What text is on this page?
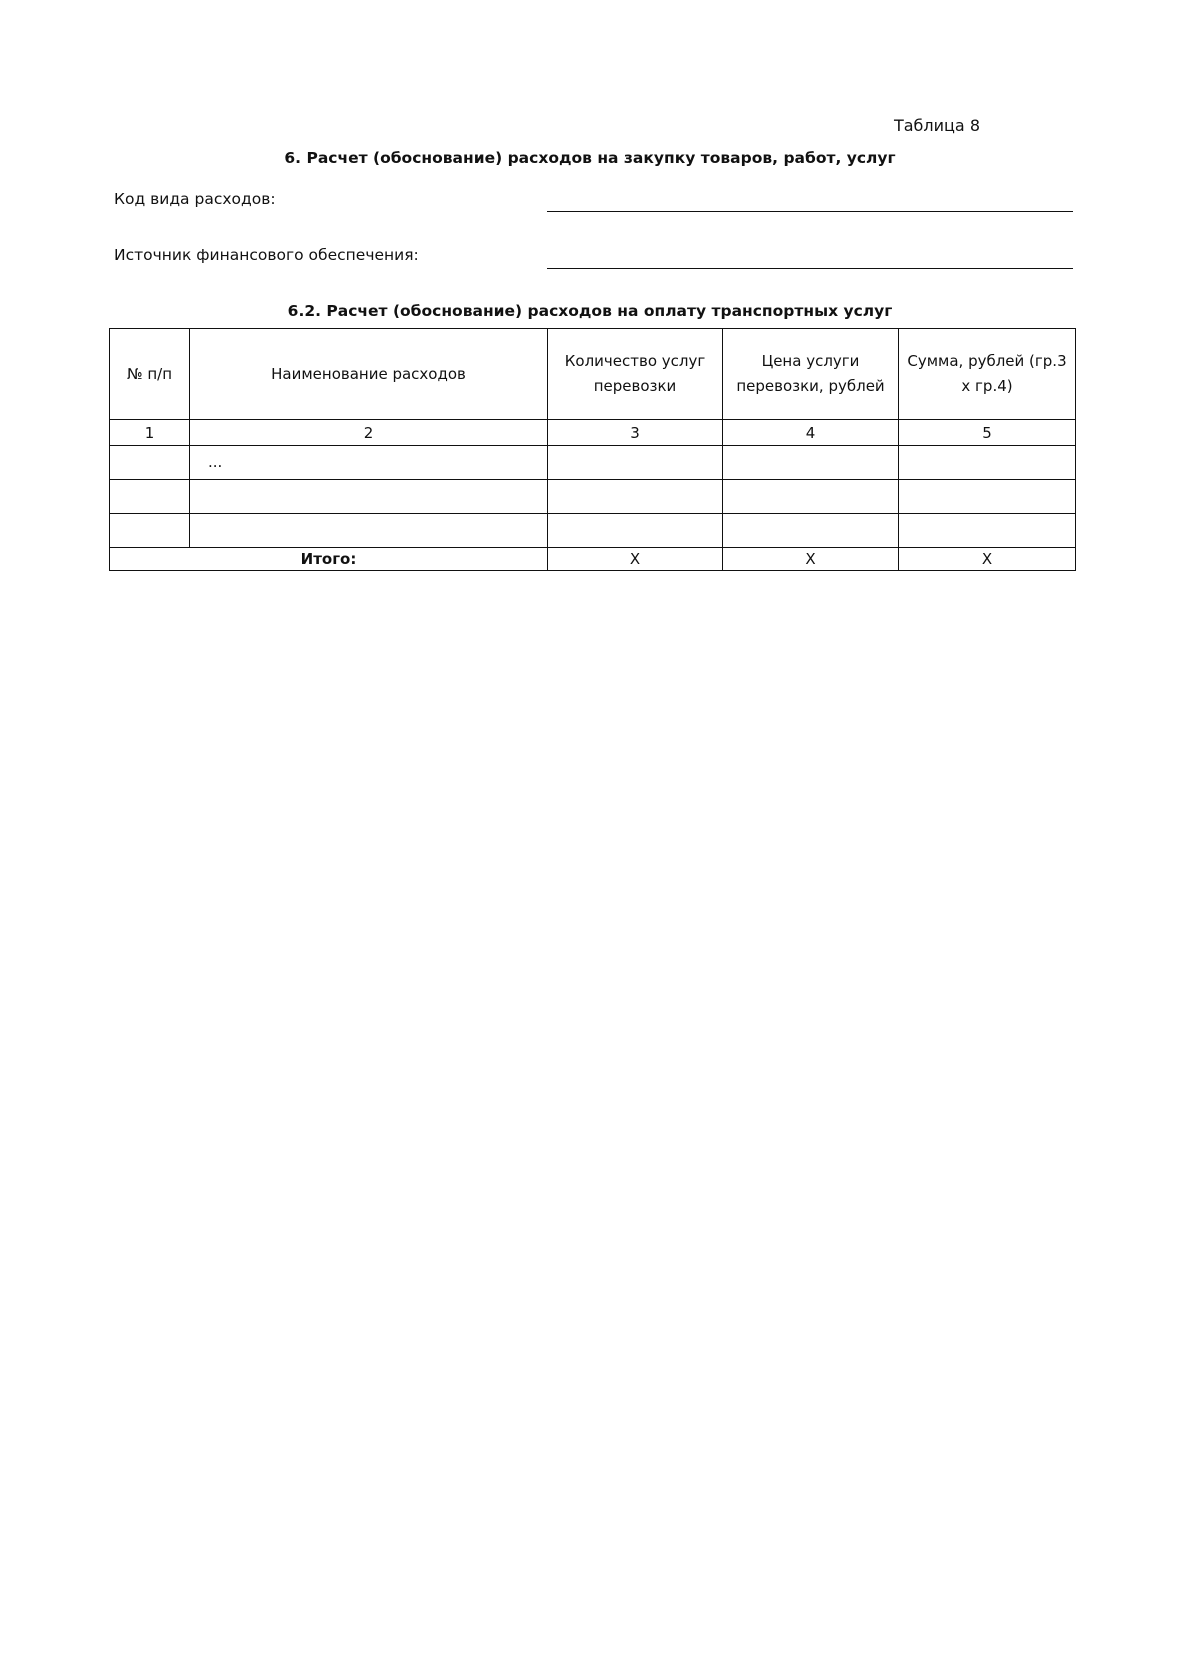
Таблица 8
6. Расчет (обоснование) расходов на закупку товаров, работ, услуг
Код вида расходов:
Источник финансового обеспечения:
6.2. Расчет (обоснование) расходов на оплату транспортных услуг
№ п/п	Наименование расходов	Количество услуг перевозки	Цена услуги перевозки, рублей	Сумма, рублей (гр.3 х гр.4)
1	2	3	4	5
	...			

Итого:		Х	Х	Х
